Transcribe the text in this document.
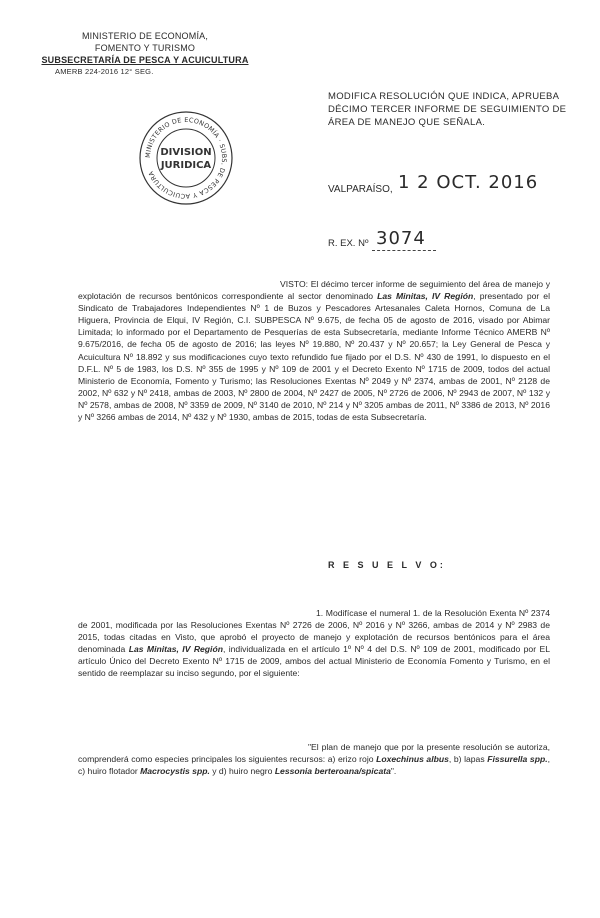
MINISTERIO DE ECONOMÍA,
FOMENTO Y TURISMO
SUBSECRETARÍA DE PESCA Y ACUICULTURA
AMERB 224-2016 12° SEG.
MINISTERIO DE ECONOMÍA · SUBS. DE PESCA Y ACUICULTURA
DIVISION
JURIDICA
MODIFICA RESOLUCIÓN QUE INDICA, APRUEBA
DÉCIMO TERCER INFORME DE SEGUIMIENTO DE
ÁREA DE MANEJO QUE SEÑALA.
VALPARAÍSO, 1 2 OCT. 2016
R. EX. Nº 3074
VISTO: El décimo tercer informe de seguimiento del área de manejo y explotación de recursos bentónicos correspondiente al sector denominado Las Minitas, IV Región, presentado por el Sindicato de Trabajadores Independientes Nº 1 de Buzos y Pescadores Artesanales Caleta Hornos, Comuna de La Higuera, Provincia de Elqui, IV Región, C.I. SUBPESCA Nº 9.675, de fecha 05 de agosto de 2016, visado por Abimar Limitada; lo informado por el Departamento de Pesquerías de esta Subsecretaría, mediante Informe Técnico AMERB Nº 9.675/2016, de fecha 05 de agosto de 2016; las leyes Nº 19.880, Nº 20.437 y Nº 20.657; la Ley General de Pesca y Acuicultura Nº 18.892 y sus modificaciones cuyo texto refundido fue fijado por el D.S. Nº 430 de 1991, lo dispuesto en el D.F.L. Nº 5 de 1983, los D.S. Nº 355 de 1995 y Nº 109 de 2001 y el Decreto Exento Nº 1715 de 2009, todos del actual Ministerio de Economía, Fomento y Turismo; las Resoluciones Exentas Nº 2049 y Nº 2374, ambas de 2001, Nº 2128 de 2002, Nº 632 y Nº 2418, ambas de 2003, Nº 2800 de 2004, Nº 2427 de 2005, Nº 2726 de 2006, Nº 2943 de 2007, Nº 132 y Nº 2578, ambas de 2008, Nº 3359 de 2009, Nº 3140 de 2010, Nº 214 y Nº 3205 ambas de 2011, Nº 3386 de 2013, Nº 2016 y Nº 3266 ambas de 2014, Nº 432 y Nº 1930, ambas de 2015, todas de esta Subsecretaría.
R E S U E L V O:
1. Modifícase el numeral 1. de la Resolución Exenta Nº 2374 de 2001, modificada por las Resoluciones Exentas Nº 2726 de 2006, Nº 2016 y Nº 3266, ambas de 2014 y Nº 2983 de 2015, todas citadas en Visto, que aprobó el proyecto de manejo y explotación de recursos bentónicos para el área denominada Las Minitas, IV Región, individualizada en el artículo 1º Nº 4 del D.S. Nº 109 de 2001, modificado por EL artículo Único del Decreto Exento Nº 1715 de 2009, ambos del actual Ministerio de Economía Fomento y Turismo, en el sentido de reemplazar su inciso segundo, por el siguiente:
"El plan de manejo que por la presente resolución se autoriza, comprenderá como especies principales los siguientes recursos: a) erizo rojo Loxechinus albus, b) lapas Fissurella spp., c) huiro flotador Macrocystis spp. y d) huiro negro Lessonia berteroana/spicata".
